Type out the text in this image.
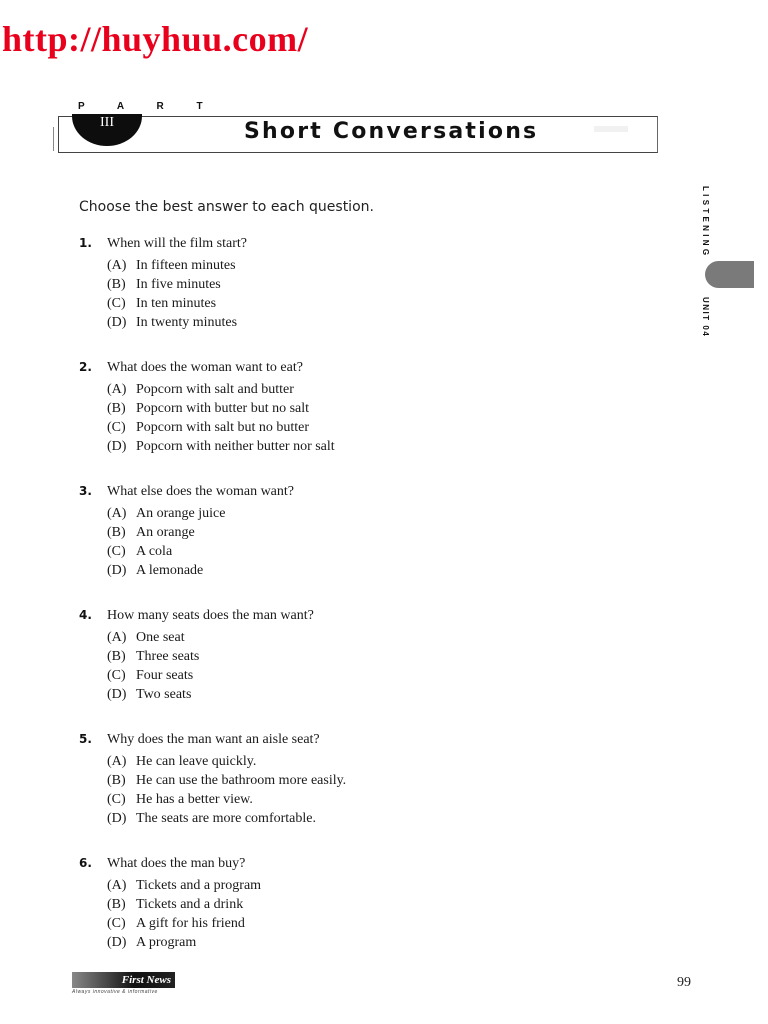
http://huyhuu.com/
P A R T
III	Short Conversations
LISTENING
UNIT 04
Choose the best answer to each question.
1.	When will the film start?
(A) In fifteen minutes
(B) In five minutes
(C) In ten minutes
(D) In twenty minutes
2.	What does the woman want to eat?
(A) Popcorn with salt and butter
(B) Popcorn with butter but no salt
(C) Popcorn with salt but no butter
(D) Popcorn with neither butter nor salt
3.	What else does the woman want?
(A) An orange juice
(B) An orange
(C) A cola
(D) A lemonade
4.	How many seats does the man want?
(A) One seat
(B) Three seats
(C) Four seats
(D) Two seats
5.	Why does the man want an aisle seat?
(A) He can leave quickly.
(B) He can use the bathroom more easily.
(C) He has a better view.
(D) The seats are more comfortable.
6.	What does the man buy?
(A) Tickets and a program
(B) Tickets and a drink
(C) A gift for his friend
(D) A program
First News
Always innovative & informative
99
